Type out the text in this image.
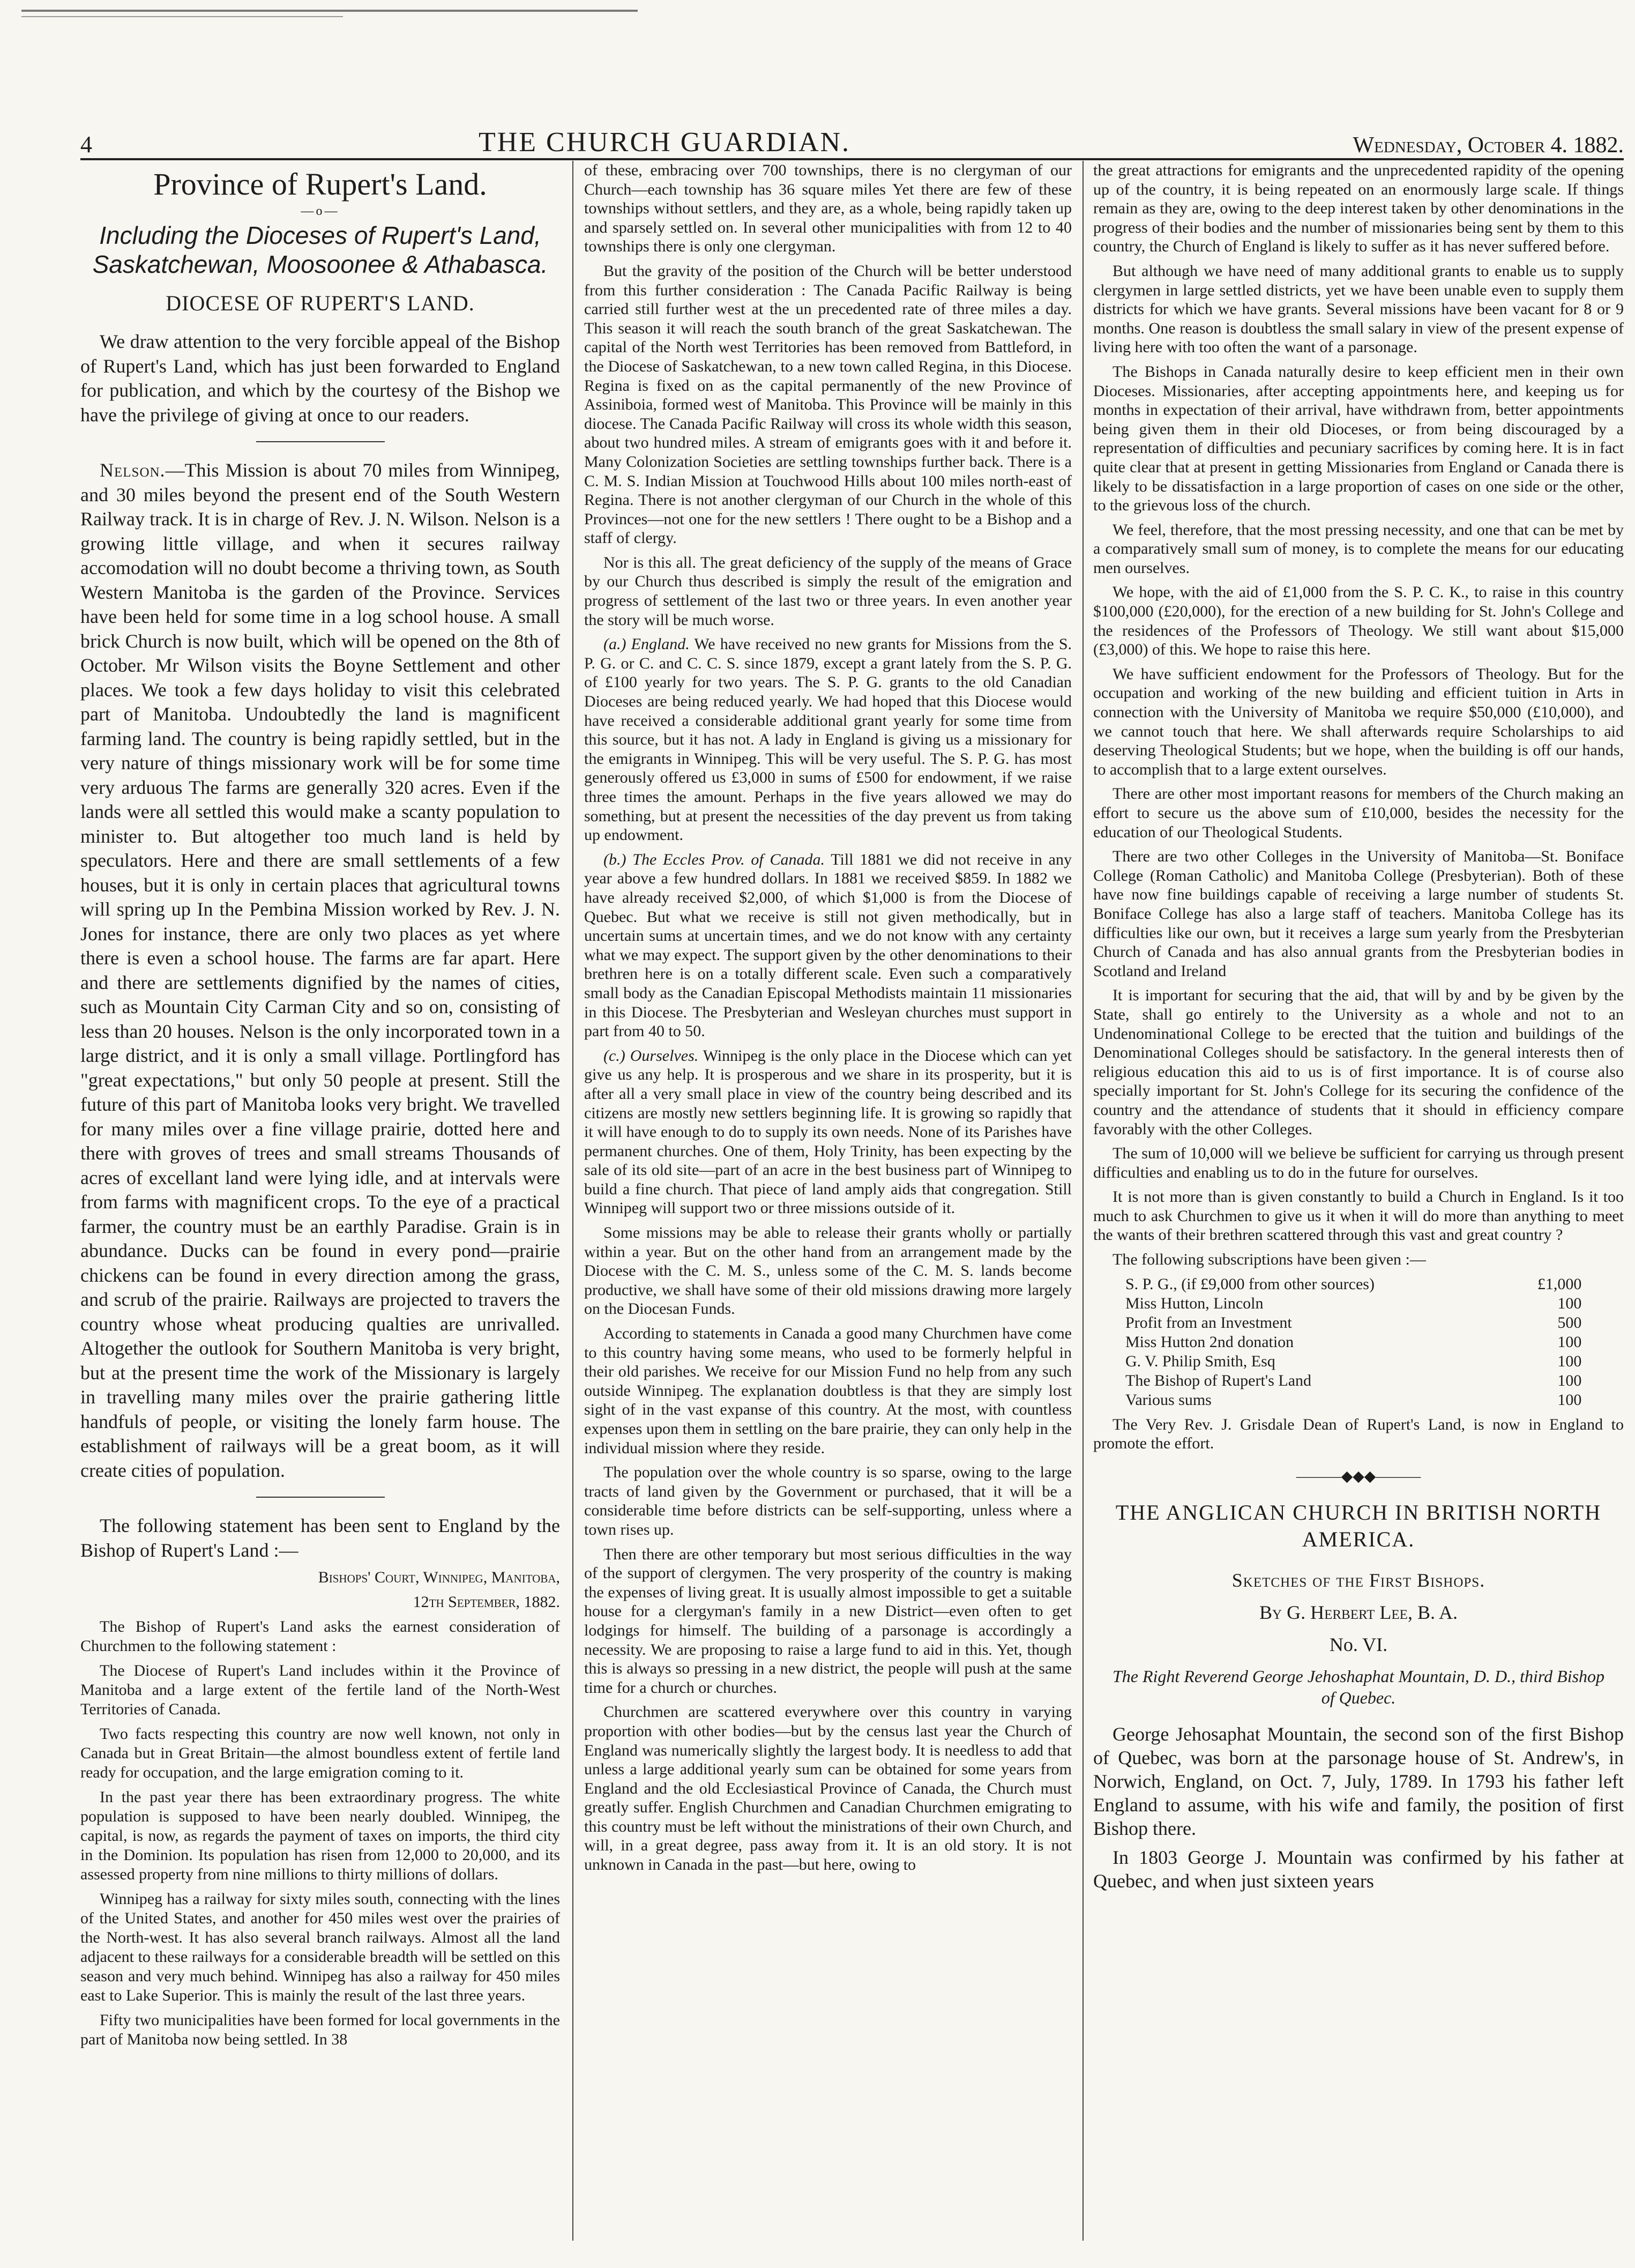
4	THE CHURCH GUARDIAN.	Wednesday, October 4. 1882.
Province of Rupert's Land.
—o—
Including the Dioceses of Rupert's Land, Saskatchewan, Moosoonee & Athabasca.
DIOCESE OF RUPERT'S LAND.

We draw attention to the very forcible appeal of the Bishop of Rupert's Land, which has just been forwarded to England for publication, and which by the courtesy of the Bishop we have the privilege of giving at once to our readers.

Nelson.—This Mission is about 70 miles from Winnipeg, and 30 miles beyond the present end of the South Western Railway track. It is in charge of Rev. J. N. Wilson. Nelson is a growing little village, and when it secures railway accomodation will no doubt become a thriving town, as South Western Manitoba is the garden of the Province. Services have been held for some time in a log school house. A small brick Church is now built, which will be opened on the 8th of October. Mr Wilson visits the Boyne Settlement and other places. We took a few days holiday to visit this celebrated part of Manitoba. Undoubtedly the land is magnificent farming land. The country is being rapidly settled, but in the very nature of things missionary work will be for some time very arduous The farms are generally 320 acres. Even if the lands were all settled this would make a scanty population to minister to. But altogether too much land is held by speculators. Here and there are small settlements of a few houses, but it is only in certain places that agricultural towns will spring up In the Pembina Mission worked by Rev. J. N. Jones for instance, there are only two places as yet where there is even a school house. The farms are far apart. Here and there are settlements dignified by the names of cities, such as Mountain City Carman City and so on, consisting of less than 20 houses. Nelson is the only incorporated town in a large district, and it is only a small village. Portlingford has "great expectations," but only 50 people at present. Still the future of this part of Manitoba looks very bright. We travelled for many miles over a fine village prairie, dotted here and there with groves of trees and small streams Thousands of acres of excellant land were lying idle, and at intervals were from farms with magnificent crops. To the eye of a practical farmer, the country must be an earthly Paradise. Grain is in abundance. Ducks can be found in every pond—prairie chickens can be found in every direction among the grass, and scrub of the prairie. Railways are projected to travers the country whose wheat producing qualties are unrivalled. Altogether the outlook for Southern Manitoba is very bright, but at the present time the work of the Missionary is largely in travelling many miles over the prairie gathering little handfuls of people, or visiting the lonely farm house. The establishment of railways will be a great boom, as it will create cities of population.

The following statement has been sent to England by the Bishop of Rupert's Land :—

Bishops' Court, Winnipeg, Manitoba,
12th September, 1882.

The Bishop of Rupert's Land asks the earnest consideration of Churchmen to the following statement :

The Diocese of Rupert's Land includes within it the Province of Manitoba and a large extent of the fertile land of the North-West Territories of Canada.

Two facts respecting this country are now well known, not only in Canada but in Great Britain—the almost boundless extent of fertile land ready for occupation, and the large emigration coming to it.

In the past year there has been extraordinary progress. The white population is supposed to have been nearly doubled. Winnipeg, the capital, is now, as regards the payment of taxes on imports, the third city in the Dominion. Its population has risen from 12,000 to 20,000, and its assessed property from nine millions to thirty millions of dollars.

Winnipeg has a railway for sixty miles south, connecting with the lines of the United States, and another for 450 miles west over the prairies of the North-west. It has also several branch railways. Almost all the land adjacent to these railways for a considerable breadth will be settled on this season and very much behind. Winnipeg has also a railway for 450 miles east to Lake Superior. This is mainly the result of the last three years.

Fifty two municipalities have been formed for local governments in the part of Manitoba now being settled. In 38

of these, embracing over 700 townships, there is no clergyman of our Church—each township has 36 square miles Yet there are few of these townships without settlers, and they are, as a whole, being rapidly taken up and sparsely settled on. In several other municipalities with from 12 to 40 townships there is only one clergyman.

But the gravity of the position of the Church will be better understood from this further consideration : The Canada Pacific Railway is being carried still further west at the un precedented rate of three miles a day. This season it will reach the south branch of the great Saskatchewan. The capital of the North west Territories has been removed from Battleford, in the Diocese of Saskatchewan, to a new town called Regina, in this Diocese. Regina is fixed on as the capital permanently of the new Province of Assiniboia, formed west of Manitoba. This Province will be mainly in this diocese. The Canada Pacific Railway will cross its whole width this season, about two hundred miles. A stream of emigrants goes with it and before it. Many Colonization Societies are settling townships further back. There is a C. M. S. Indian Mission at Touchwood Hills about 100 miles north-east of Regina. There is not another clergyman of our Church in the whole of this Provinces—not one for the new settlers ! There ought to be a Bishop and a staff of clergy.

Nor is this all. The great deficiency of the supply of the means of Grace by our Church thus described is simply the result of the emigration and progress of settlement of the last two or three years. In even another year the story will be much worse.

(a.) England. We have received no new grants for Missions from the S. P. G. or C. and C. C. S. since 1879, except a grant lately from the S. P. G. of £100 yearly for two years. The S. P. G. grants to the old Canadian Dioceses are being reduced yearly. We had hoped that this Diocese would have received a considerable additional grant yearly for some time from this source, but it has not. A lady in England is giving us a missionary for the emigrants in Winnipeg. This will be very useful. The S. P. G. has most generously offered us £3,000 in sums of £500 for endowment, if we raise three times the amount. Perhaps in the five years allowed we may do something, but at present the necessities of the day prevent us from taking up endowment.

(b.) The Eccles Prov. of Canada. Till 1881 we did not receive in any year above a few hundred dollars. In 1881 we received $859. In 1882 we have already received $2,000, of which $1,000 is from the Diocese of Quebec. But what we receive is still not given methodically, but in uncertain sums at uncertain times, and we do not know with any certainty what we may expect. The support given by the other denominations to their brethren here is on a totally different scale. Even such a comparatively small body as the Canadian Episcopal Methodists maintain 11 missionaries in this Diocese. The Presbyterian and Wesleyan churches must support in part from 40 to 50.

(c.) Ourselves. Winnipeg is the only place in the Diocese which can yet give us any help. It is prosperous and we share in its prosperity, but it is after all a very small place in view of the country being described and its citizens are mostly new settlers beginning life. It is growing so rapidly that it will have enough to do to supply its own needs. None of its Parishes have permanent churches. One of them, Holy Trinity, has been expecting by the sale of its old site—part of an acre in the best business part of Winnipeg to build a fine church. That piece of land amply aids that congregation. Still Winnipeg will support two or three missions outside of it.

Some missions may be able to release their grants wholly or partially within a year. But on the other hand from an arrangement made by the Diocese with the C. M. S., unless some of the C. M. S. lands become productive, we shall have some of their old missions drawing more largely on the Diocesan Funds.

According to statements in Canada a good many Churchmen have come to this country having some means, who used to be formerly helpful in their old parishes. We receive for our Mission Fund no help from any such outside Winnipeg. The explanation doubtless is that they are simply lost sight of in the vast expanse of this country. At the most, with countless expenses upon them in settling on the bare prairie, they can only help in the individual mission where they reside.

The population over the whole country is so sparse, owing to the large tracts of land given by the Government or purchased, that it will be a considerable time before districts can be self-supporting, unless where a town rises up.

Then there are other temporary but most serious difficulties in the way of the support of clergymen. The very prosperity of the country is making the expenses of living great. It is usually almost impossible to get a suitable house for a clergyman's family in a new District—even often to get lodgings for himself. The building of a parsonage is accordingly a necessity. We are proposing to raise a large fund to aid in this. Yet, though this is always so pressing in a new district, the people will push at the same time for a church or churches.

Churchmen are scattered everywhere over this country in varying proportion with other bodies—but by the census last year the Church of England was numerically slightly the largest body. It is needless to add that unless a large additional yearly sum can be obtained for some years from England and the old Ecclesiastical Province of Canada, the Church must greatly suffer. English Churchmen and Canadian Churchmen emigrating to this country must be left without the ministrations of their own Church, and will, in a great degree, pass away from it. It is an old story. It is not unknown in Canada in the past—but here, owing to

the great attractions for emigrants and the unprecedented rapidity of the opening up of the country, it is being repeated on an enormously large scale. If things remain as they are, owing to the deep interest taken by other denominations in the progress of their bodies and the number of missionaries being sent by them to this country, the Church of England is likely to suffer as it has never suffered before.

But although we have need of many additional grants to enable us to supply clergymen in large settled districts, yet we have been unable even to supply them districts for which we have grants. Several missions have been vacant for 8 or 9 months. One reason is doubtless the small salary in view of the present expense of living here with too often the want of a parsonage.

The Bishops in Canada naturally desire to keep efficient men in their own Dioceses. Missionaries, after accepting appointments here, and keeping us for months in expectation of their arrival, have withdrawn from, better appointments being given them in their old Dioceses, or from being discouraged by a representation of difficulties and pecuniary sacrifices by coming here. It is in fact quite clear that at present in getting Missionaries from England or Canada there is likely to be dissatisfaction in a large proportion of cases on one side or the other, to the grievous loss of the church.

We feel, therefore, that the most pressing necessity, and one that can be met by a comparatively small sum of money, is to complete the means for our educating men ourselves.

We hope, with the aid of £1,000 from the S. P. C. K., to raise in this country $100,000 (£20,000), for the erection of a new building for St. John's College and the residences of the Professors of Theology. We still want about $15,000 (£3,000) of this. We hope to raise this here.

We have sufficient endowment for the Professors of Theology. But for the occupation and working of the new building and efficient tuition in Arts in connection with the University of Manitoba we require $50,000 (£10,000), and we cannot touch that here. We shall afterwards require Scholarships to aid deserving Theological Students; but we hope, when the building is off our hands, to accomplish that to a large extent ourselves.

There are other most important reasons for members of the Church making an effort to secure us the above sum of £10,000, besides the necessity for the education of our Theological Students.

There are two other Colleges in the University of Manitoba—St. Boniface College (Roman Catholic) and Manitoba College (Presbyterian). Both of these have now fine buildings capable of receiving a large number of students St. Boniface College has also a large staff of teachers. Manitoba College has its difficulties like our own, but it receives a large sum yearly from the Presbyterian Church of Canada and has also annual grants from the Presbyterian bodies in Scotland and Ireland

It is important for securing that the aid, that will by and by be given by the State, shall go entirely to the University as a whole and not to an Undenominational College to be erected that the tuition and buildings of the Denominational Colleges should be satisfactory. In the general interests then of religious education this aid to us is of first importance. It is of course also specially important for St. John's College for its securing the confidence of the country and the attendance of students that it should in efficiency compare favorably with the other Colleges.

The sum of 10,000 will we believe be sufficient for carrying us through present difficulties and enabling us to do in the future for ourselves.

It is not more than is given constantly to build a Church in England. Is it too much to ask Churchmen to give us it when it will do more than anything to meet the wants of their brethren scattered through this vast and great country ?

The following subscriptions have been given :—

S. P. G., (if £9,000 from other sources)	£1,000
Miss Hutton, Lincoln	100
Profit from an Investment	500
Miss Hutton 2nd donation	100
G. V. Philip Smith, Esq	100
The Bishop of Rupert's Land	100
Various sums	100

The Very Rev. J. Grisdale Dean of Rupert's Land, is now in England to promote the effort.

———◆◆◆———
THE ANGLICAN CHURCH IN BRITISH NORTH AMERICA.
Sketches of the First Bishops.
By G. Herbert Lee, B. A.
No. VI.
The Right Reverend George Jehoshaphat Mountain, D. D., third Bishop of Quebec.

George Jehosaphat Mountain, the second son of the first Bishop of Quebec, was born at the parsonage house of St. Andrew's, in Norwich, England, on Oct. 7, July, 1789. In 1793 his father left England to assume, with his wife and family, the position of first Bishop there.

In 1803 George J. Mountain was confirmed by his father at Quebec, and when just sixteen years
